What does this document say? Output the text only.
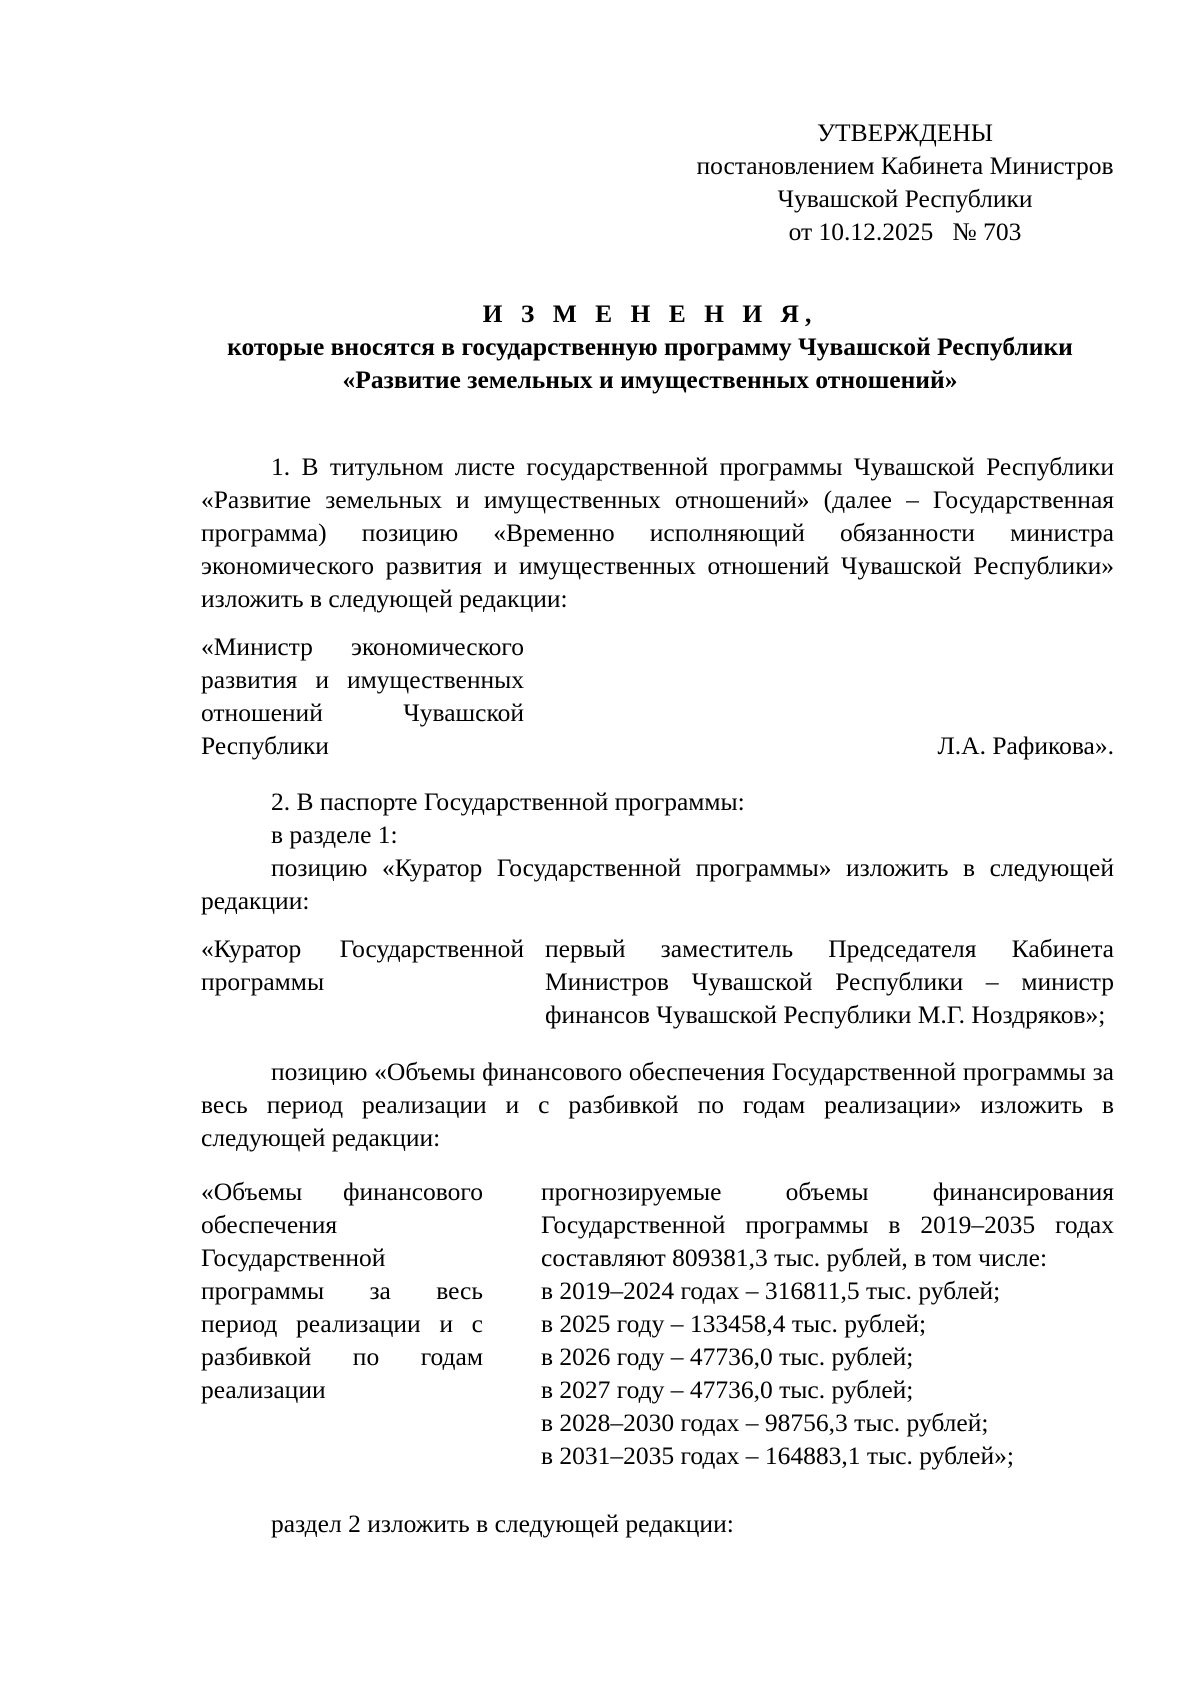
УТВЕРЖДЕНЫ
постановлением Кабинета Министров
Чувашской Республики
от 10.12.2025   № 703
И З М Е Н Е Н И Я,
которые вносятся в государственную программу Чувашской Республики
«Развитие земельных и имущественных отношений»

1. В титульном листе государственной программы Чувашской Республики «Развитие земельных и имущественных отношений» (далее – Государственная программа) позицию «Временно исполняющий обязанности министра экономического развития и имущественных отношений Чувашской Республики» изложить в следующей редакции:

«Министр экономического развития и имущественных отношений Чувашской Республики	Л.А. Рафикова».

2. В паспорте Государственной программы:

в разделе 1:

позицию «Куратор Государственной программы» изложить в следующей редакции:

«Куратор Государственной программы

первый заместитель Председателя Кабинета Министров Чувашской Республики – министр финансов Чувашской Республики М.Г. Ноздряков»;

позицию «Объемы финансового обеспечения Государственной программы за весь период реализации и с разбивкой по годам реализации» изложить в следующей редакции:

«Объемы финансового обеспечения Государственной программы за весь период реализации и с разбивкой по годам реализации

прогнозируемые объемы финансирования Государственной программы в 2019–2035 годах составляют 809381,3 тыс. рублей, в том числе:

в 2019–2024 годах – 316811,5 тыс. рублей;

в 2025 году – 133458,4 тыс. рублей;

в 2026 году – 47736,0 тыс. рублей;

в 2027 году – 47736,0 тыс. рублей;

в 2028–2030 годах – 98756,3 тыс. рублей;

в 2031–2035 годах – 164883,1 тыс. рублей»;

раздел 2 изложить в следующей редакции:
